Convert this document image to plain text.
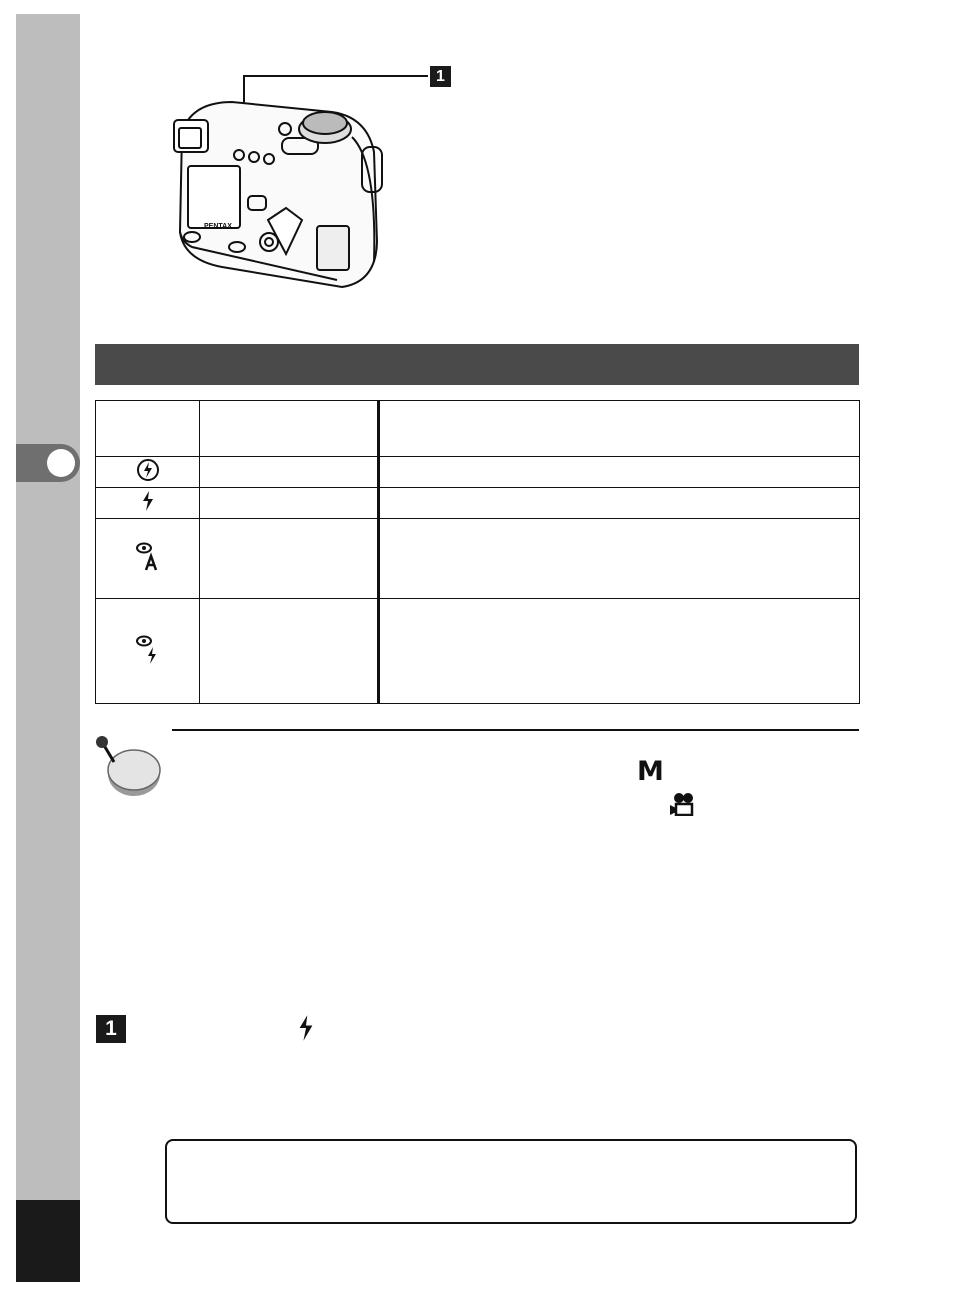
1
PENTAX

M
1
